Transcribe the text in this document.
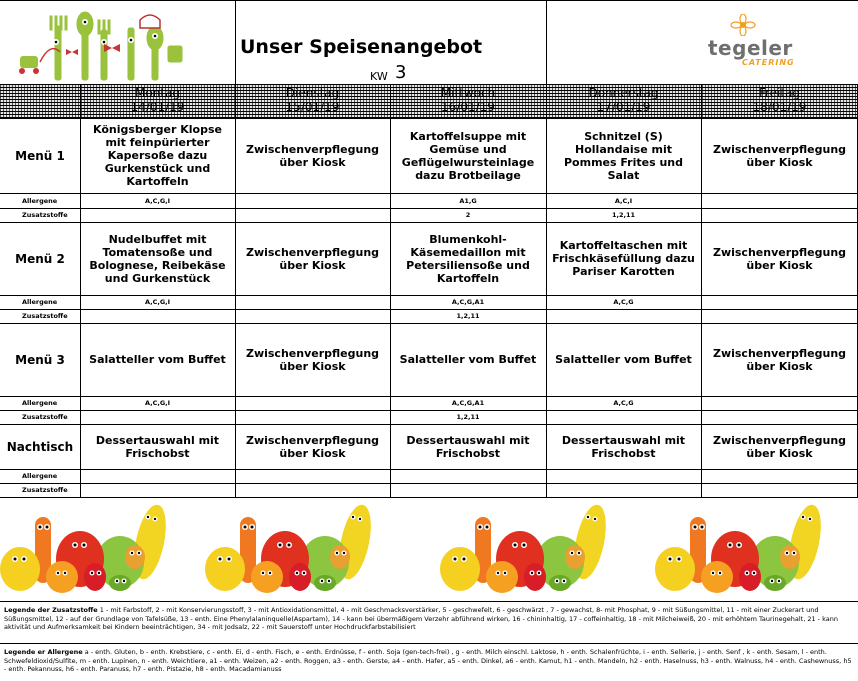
Unser Speisenangebot
KW 3
tegeler
CATERING
Montag
14/01/19
Dienstag
15/01/19
Mittwoch
16/01/19
Donnerstag
17/01/19
Freitag
18/01/19
Menü 1
Allergene
Zusatzstoffe
Königsberger Klopse mit feinpürierter Kapersoße dazu Gurkenstück und Kartoffeln
A,C,G,I
Zwischenverpflegung über Kiosk
Kartoffelsuppe mit Gemüse und Geflügelwursteinlage dazu Brotbeilage
A1,G
2
Schnitzel (S) Hollandaise mit Pommes Frites und Salat
A,C,I
1,2,11
Zwischenverpflegung über Kiosk
Menü 2
Allergene
Zusatzstoffe
Nudelbuffet mit Tomatensoße und Bolognese, Reibekäse und Gurkenstück
A,C,G,I
Zwischenverpflegung über Kiosk
Blumenkohl-Käsemedaillon mit Petersiliensoße und Kartoffeln
A,C,G,A1
1,2,11
Kartoffeltaschen mit Frischkäsefüllung dazu Pariser Karotten
A,C,G
Zwischenverpflegung über Kiosk
Menü 3
Allergene
Zusatzstoffe
Salatteller vom Buffet
A,C,G,I
Zwischenverpflegung über Kiosk	Salatteller vom Buffet
A,C,G,A1
1,2,11
Salatteller vom Buffet
A,C,G
Zwischenverpflegung über Kiosk
Nachtisch
Allergene
Zusatzstoffe
Dessertauswahl mit Frischobst
Zwischenverpflegung über Kiosk
Dessertauswahl mit Frischobst
Dessertauswahl mit Frischobst
Zwischenverpflegung über Kiosk
Legende der Zusatzstoffe 1 - mit Farbstoff, 2 - mit Konservierungsstoff, 3 - mit Antioxidationsmittel, 4 - mit Geschmacksverstärker, 5 - geschwefelt, 6 - geschwärzt , 7 - gewachst, 8- mit Phosphat, 9 - mit Süßungsmittel, 11 - mit einer Zuckerart und Süßungsmittel, 12 - auf der Grundlage von Tafelsüße, 13 - enth. Eine Phenylalaninquelle(Aspartam), 14 - kann bei übermäßigem Verzehr abführend wirken, 16 - chininhaltig, 17 - coffeinhaltig, 18 - mit Milcheiweiß, 20 - mit erhöhtem Taurinegehalt, 21 - kann aktivität und Aufmerksamkeit bei Kindern beeinträchtigen, 34 - mit Jodsalz, 22 - mit Sauerstoff unter Hochdruckfarbstabilisiert
Legende er Allergene a - enth. Gluten, b - enth. Krebstiere, c - enth. Ei, d - enth. Fisch, e - enth. Erdnüsse, f - enth. Soja (gen-tech-frei) , g - enth. Milch einschl. Laktose, h - enth. Schalenfrüchte, i - enth. Sellerie, j - enth. Senf , k - enth. Sesam, l - enth. Schwefeldioxid/Sulfite, m - enth. Lupinen, n - enth. Weichtiere, a1 - enth. Weizen, a2 - enth. Roggen, a3 - enth. Gerste, a4 - enth. Hafer, a5 - enth. Dinkel, a6 - enth. Kamut, h1 - enth. Mandeln, h2 - enth. Haselnuss, h3 - enth. Walnuss, h4 - enth. Cashewnuss, h5 - enth. Pekannuss, h6 - enth. Paranuss, h7 - enth. Pistazie, h8 - enth. Macadamianuss
